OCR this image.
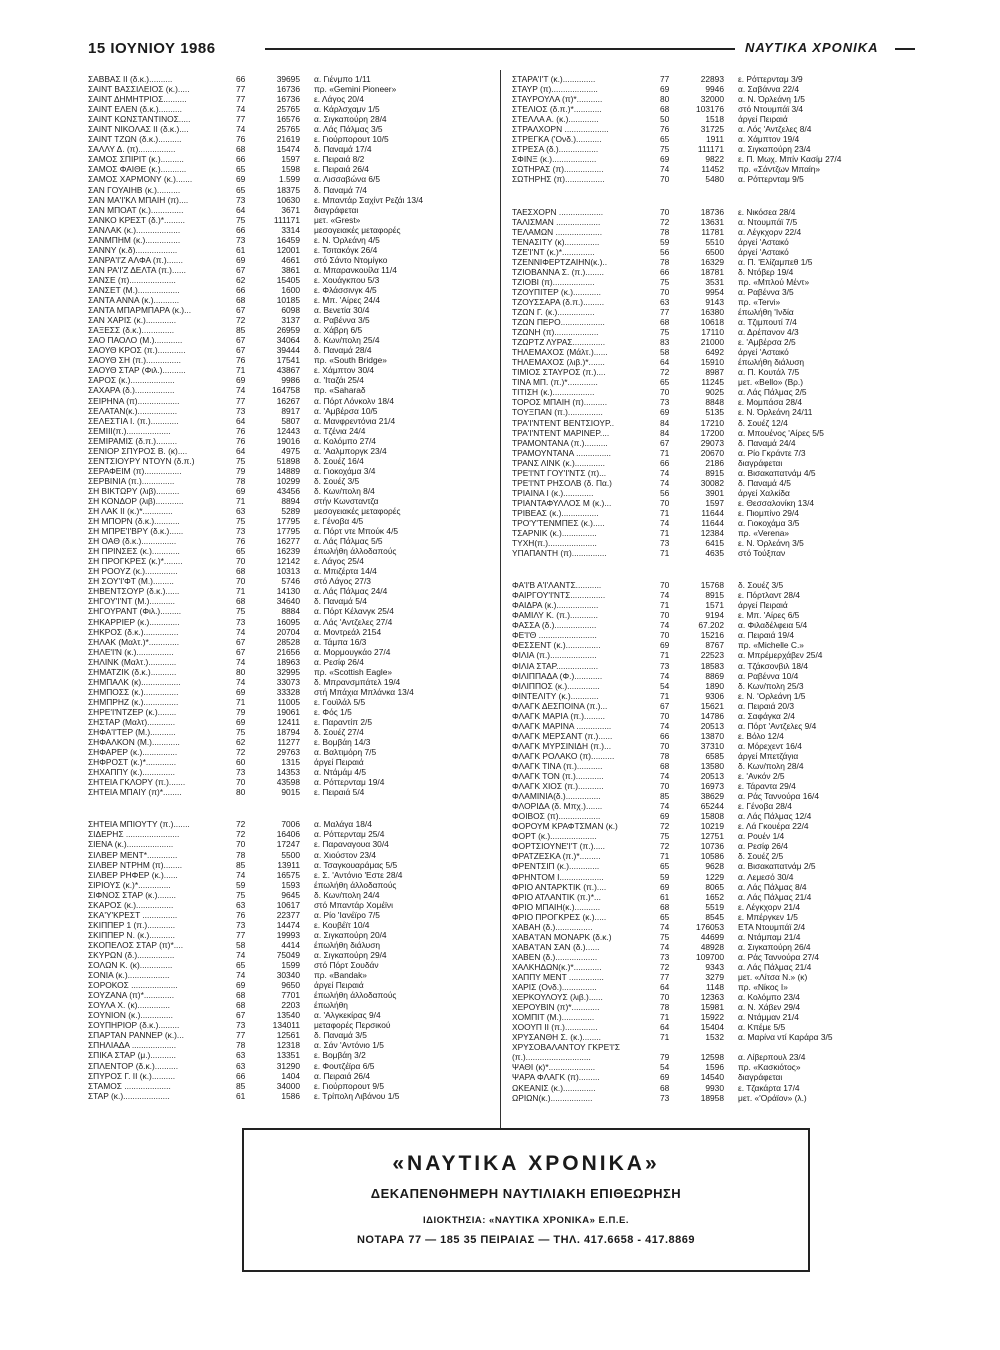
15 ΙΟΥΝΙΟΥ 1986	ΝΑΥΤΙΚΑ ΧΡΟΝΙΚΑ
ΣΑΒΒΑΣ ΙΙ (δ.κ.)..........	66	39695	α. Γιένμπο 1/11
ΣΑΙΝΤ ΒΑΣΣΙΛΕΙΟΣ (κ.).....	77	16736	πρ. «Gemini Pioneer»
ΣΑΙΝΤ ΔΗΜΗΤΡΙΟΣ..........	77	16736	ε. Λάγος 20/4
ΣΑΙΝΤ ΕΛΕΝ (δ.κ.)..........	74	25765	α. Κάρλσχαμν 1/5
ΣΑΙΝΤ ΚΩΝΣΤΑΝΤΙΝΟΣ.....	77	16576	α. Σιγκαπούρη 28/4
ΣΑΙΝΤ ΝΙΚΟΛΑΣ ΙΙ (δ.κ.)....	74	25765	α. Λάς Πάλμας 3/5
ΣΑΙΝΤ ΤΖΩΝ (δ.κ.)..........	76	21619	ε. Γιούρπορουτ 10/5
ΣΑΛΛΥ Δ. (π)................	68	15474	δ. Παναμά 17/4
ΣΑΜΟΣ ΣΠΙΡΙΤ (κ.)..........	66	1597	ε. Πειραιά 8/2
ΣΑΜΟΣ ΦΑΙΘΕ (κ.)...........	65	1598	ε. Πειραιά 26/4
ΣΑΜΟΣ ΧΑΡΜΟΝΥ (κ.).......	69	1.599	α. Λισσαβώνα 6/5
ΣΑΝ ΓΟΥΑΙΗΒ (κ.)..........	65	18375	δ. Παναμά 7/4
ΣΑΝ ΜΑ'Ι'ΚΛ ΜΠΑΙΗ (π)....	73	10630	ε. Μπαντάρ Σαχίντ Ρεζάι 13/4
ΣΑΝ ΜΠΟΑΤ (κ.)..............	64	3671	διαγράφεται
ΣΑΝΚΟ ΚΡΕΣΤ (δ.)*.........	75	111171	μετ. «Grest»
ΣΑΝΛΑΚ (κ.)...................	66	3314	μεσογειακές μεταφορές
ΣΑΝΜΠΗΜ (κ.)...............	73	16459	ε. Ν. Όρλεάνη 4/5
ΣΑΝΝΥ (κ.δ)..................	61	12001	ε. Τσιτακόγκ 26/4
ΣΑΝΡΑ'Ι'Ζ ΑΛΦΑ (π.).......	69	4661	στό Σάντο Ντομίγκο
ΣΑΝ ΡΑ'Ι'Ζ ΔΕΛΤΑ (π.)......	67	3861	α. Μπαρανκουίλα 11/4
ΣΑΝΣΕ (π)....................	62	15405	ε. Χουάγκπου 5/3
ΣΑΝΣΕΤ (Μ.)..................	66	1600	ε. Φλάσσινγκ 4/5
ΣΑΝΤΑ ΑΝΝΑ (κ.)...........	68	10185	ε. Μπ. 'Αίρες 24/4
ΣΑΝΤΑ ΜΠΑΡΜΠΑΡΑ (κ.)...	67	6098	α. Βενετία 30/4
ΣΑΝ ΧΑΡΙΣ (κ.).............	72	3137	α. Ραβέννα 3/5
ΣΑΞΕΣΣ (δ.κ.)..............	85	26959	α. Χάβρη 6/5
ΣΑΟ ΠΑΟΛΟ (Μ.)............	67	34064	δ. Κων/πολη 25/4
ΣΑΟΥΘ ΚΡΟΣ (π.)............	67	39444	δ. Παναμά 28/4
ΣΑΟΥΘ ΣΗ (π.)...............	76	17541	πρ. «South Bridge»
ΣΑΟΥΘ ΣΤΑΡ (Φιλ.)..........	71	43867	ε. Χάμπτον 30/4
ΣΑΡΟΣ (κ.)...................	69	9986	α. 'Ιταζάι 25/4
ΣΑΧΑΡΑ (δ.).................	74	164758	πρ. «Saharaδ
ΣΕΙΡΗΝΑ (π)..................	77	16267	α. Πόρτ Λόνκολν 18/4
ΣΕΛΑΤΑΝ(κ.).................	73	8917	α. 'Αμβέρσα 10/5
ΣΕΛΕΣΤΙΑ Ι. (π.)............	64	5807	α. Μανφρεντόνια 21/4
ΣΕΜΙΙΙ(π.)...................	76	12443	α. Τζένια 24/4
ΣΕΜΙΡΑΜΙΣ (δ.π.).........	76	19016	α. Κολόμπο 27/4
ΣΕΝΙΟΡ ΣΠΥΡΟΣ Β. (κ)....	64	4975	α. 'Ααλμποργκ 23/4
ΣΕΝΤΣΙΟΥΡΥ ΝΤΟΥΝ (δ.π.)	75	51898	δ. Σουέζ 16/4
ΣΕΡΑΦΕΙΜ (π)................	79	14889	α. Γιοκοχάμα 3/4
ΣΕΡΒΙΝΙΑ (π.)..............	78	10299	δ. Σουέζ 3/5
ΣΗ ΒΙΚΤΩΡΥ (λιβ)..........	69	43456	δ. Κων/πολη 8/4
ΣΗ ΚΟΝΔΟΡ (λιβ)............	71	8894	στήν Κωνσταντζα
ΣΗ ΛΑΚ ΙΙ (κ.)*.............	63	5289	μεσογειακές μεταφορές
ΣΗ ΜΠΟΡΝ (δ.κ.)...........	75	17795	ε. Γένοβα 4/5
ΣΗ ΜΠΡΕ'Ι'ΒΡΥ (δ.κ.)......	73	17795	α. Πόρτ ντε Μπούκ 4/5
ΣΗ ΟΑΘ (δ.κ.)...............	76	16277	α. Λάς Πάλμας 5/5
ΣΗ ΠΡΙΝΣΕΣ (κ.)............	65	16239	έπωλήθη άλλοδαπούς
ΣΗ ΠΡΟΓΚΡΕΣ (κ.)*........	70	12142	ε. Λάγος 25/4
ΣΗ ΡΟΟΥΖ (κ.)..............	68	10313	α. Μπιζέρτα 14/4
ΣΗ ΣΟΥ'Ι'ΦΤ (Μ.).........	70	5746	στό Λάγος 27/3
ΣΗΒΕΝΤΣΟΥΡ (δ.κ.)......	71	14130	α. Λάς Πάλμας 24/4
ΣΗΓΟΥ'Ι'ΝΤ (Μ.)...........	68	34640	δ. Παναμά 5/4
ΣΗΓΟΥΡΑΝΤ (Φιλ.).........	75	8884	α. Πόρτ Κέλανγκ 25/4
ΣΗΚΑΡΡΙΕΡ (κ.).............	73	16095	α. Λάς 'Αντζελες 27/4
ΣΗΚΡΟΣ (δ.κ.)...............	74	20704	α. Μοντρεάλ 2154
ΣΗΛΑΚ (Μαλτ.)*.............	67	28528	α. Τάμπα 16/3
ΣΗΛΕ'Ι'Ν (κ.)................	67	21656	α. Μορμουγκάο 27/4
ΣΗΛΙΝΚ (Μαλτ.)............	74	18963	α. Ρεσίφ 26/4
ΣΗΜΑΤΖΙΚ (δ.κ.)...........	80	32995	πρ. «Scottish Eagle»
ΣΗΜΠΑΛΚ (κ).................	74	33073	δ. Μπρανσμπάτελ 19/4
ΣΗΜΠΟΣΣ (κ.)...............	69	33328	στή Μπάχια Μπλάνκα 13/4
ΣΗΜΠΡΗΖ (κ.)...............	71	11005	ε. Γουϊλάλ 5/5
ΣΗΡΕ'Ι'ΝΤΖΕΡ (κ.)........	79	19061	ε. Φός 1/5
ΣΗΣΤΑΡ (Μαλτ)............	69	12411	ε. Παραντίπ 2/5
ΣΗΦΑ'Ι'ΤΕΡ (Μ.)...........	75	18794	δ. Σουέζ 27/4
ΣΗΦΑΛΚΟΝ (Μ.)............	62	11277	ε. Βομβάη 14/3
ΣΗΦΑΡΕΡ (κ.)...............	72	29763	α. Βαλτιμόρη 7/5
ΣΗΦΡΟΣΤ (κ.)*.............	60	1315	άργεί Πειραιά
ΣΗΧΑΠΠΥ (κ.)..............	73	14353	α. Ντάμάμ 4/5
ΣΗΤΕΙΑ ΓΚΛΟΡΥ (π.).......	70	43598	α. Ρόττερνταμ 19/4
ΣΗΤΕΙΑ ΜΠΑΙΥ (π)*........	80	9015	ε. Πειραιά 5/4
ΣΗΤΕΙΑ ΜΠΙΟΥΤΥ (π.).......	72	7006	α. Μαλάγα 18/4
ΣΙΔΕΡΗΣ .......................	72	16406	α. Ρόττερνταμ 25/4
ΣΙΕΝΑ (κ.)....................	70	17247	ε. Παραναγουα 30/4
ΣΙΛΒΕΡ ΜΕΝΤ*.............	78	5500	α. Χιούστον 23/4
ΣΙΛΒΕΡ ΝΤΡΗΜ (π)........	85	13911	α. Τσαγκουαράμας 5/5
ΣΙΛΒΕΡ ΡΗΦΕΡ (κ.)......	74	16575	ε. Σ. 'Αντόνιο 'Εστε 28/4
ΣΙΡΙΟΥΣ (κ.)*..............	59	1593	έπωλήθη άλλοδαπούς
ΣΙΦΝΟΣ ΣΤΑΡ (κ.)........	75	9645	δ. Κων/πολη 24/4
ΣΚΑΡΟΣ (κ.)................	63	10617	στό Μπαντάρ Χομέϊνι
ΣΚΑ'Υ'ΚΡΕΣΤ ...............	76	22377	α. Ρίο 'Ιανέϊρο 7/5
ΣΚΙΠΠΕΡ 1 (π.)............	73	14474	ε. Κουβέϊτ 10/4
ΣΚΙΠΠΕΡ Ν. (κ.)...........	77	19993	α. Σιγκαπούρη 20/4
ΣΚΟΠΕΛΟΣ ΣΤΑΡ (π)*....	58	4414	έπωλήθη διάλυση
ΣΚΥΡΩΝ (δ.)................	74	75049	α. Σιγκαπούρη 29/4
ΣΟΛΩΝ Κ. (κ)..............	65	1599	στό Πόρτ Σουδάν
ΣΟΝΙΑ (κ.)..................	74	30340	πρ. «Bandak»
ΣΟΡΟΚΟΣ ....................	69	9650	άργεί Πειραιά
ΣΟΥΖΑΝΑ (π)*.............	68	7701	έπωλήθη άλλοδαπούς
ΣΟΥΛΑ Χ. (κ)..............	68	2203	έπωλήθη
ΣΟΥΝΙΟΝ (κ.)..............	67	13540	α. 'Αλγκεκίρας 9/4
ΣΟΥΠΗΡΙΟΡ (δ.κ.).........	73	134011	μεταφορές Περσικού
ΣΠΑΡΤΑΝ ΡΑΝΝΕΡ (κ.)...	77	12561	δ. Παναμά 3/5
ΣΠΗΛΙΑΔΑ ...................	78	12318	α. Σάν 'Αντόνιο 1/5
ΣΠΙΚΑ ΣΤΑΡ (μ.)...........	63	13351	ε. Βομβάη 3/2
ΣΠΛΕΝΤΟΡ (δ.κ.)..........	63	31290	ε. Φουτζέϊρα 6/5
ΣΠΥΡΟΣ Γ. ΙΙ (κ.)..........	66	1404	α. Πειραιά 26/4
ΣΤΑΜΟΣ ....................	85	34000	ε. Γιούρπορουτ 9/5
ΣΤΑΡ (κ.)....................	61	1586	ε. Τρίπολη Λιβάνου 1/5
ΣΤΑΡΑ'Ι'Τ (κ.)..............	77	22893	ε. Ρόττερνταμ 3/9
ΣΤΑΥΡ (π)....................	69	9946	α. Σαβάννα 22/4
ΣΤΑΥΡΟΥΛΑ (π)*...........	80	32000	α. Ν. Όρλεάνη 1/5
ΣΤΕΛΙΟΣ (δ.π.)*............	68	103176	στό Ντουμπάϊ 3/4
ΣΤΕΛΛΑ Α. (κ.).............	50	1518	άργεί Πειραιά
ΣΤΡΑΛΧΟΡΝ ...................	76	31725	α. Λός 'Αντζελες 8/4
ΣΤΡΕΓΚΑ ('Ονδ.)...........	65	1911	α. Χάμπτον 19/4
ΣΤΡΕΣΑ (δ.).................	75	111171	α. Σιγκαπούρη 23/4
ΣΦΙΝΞ (κ.)...................	69	9822	ε. Π. Μωχ. Μπίν Κασίμ 27/4
ΣΩΤΗΡΑΣ (π).................	74	11452	πρ. «Σάντζων Μπαίη»
ΣΩΤΗΡΗΣ (π).................	70	5480	α. Ρόττερνταμ 9/5
ΤΑΕΣΧΟΡΝ ...................	70	18736	ε. Νικόσεα 28/4
ΤΑΛΙΣΜΑΝ ...................	72	13631	α. Ντουμπάϊ 7/5
ΤΕΛΑΜΩΝ ....................	78	11781	α. Λέγκχορν 22/4
ΤΕΝΑΣΙΤΥ (κ)...............	59	5510	άργεί 'Αστακό
ΤΖΕ'Ι'ΝΤ (κ.)*..............	56	6500	άργεί 'Αστακό
ΤΖΕΝΝΙΦΕΡΤΖΑΙΗΝ(κ.)..	78	16329	α. Π. 'Ελίζαμπεθ 1/5
ΤΖΙΟΒΑΝΝΑ Σ. (π.)........	66	18781	δ. Ντόβερ 19/4
ΤΖΙΟΒΙ (π)..................	75	3531	πρ. «Μπλού Μέντ»
ΤΖΟΥΠΙΤΕΡ (κ.)............	70	9954	α. Ραβέννα 3/5
ΤΖΟΥΣΣΑΡΑ (δ.π.).........	63	9143	πρ. «Tervi»
ΤΖΩΝ Γ. (κ.)................	77	16380	έπωλήθη 'Ινδία
ΤΖΩΝ ΠΕΡΟ...................	68	10618	α. Τζιμπουτί 7/4
ΤΖΩΝΗ (π)...................	75	17110	α. Δρέπανον 4/3
ΤΖΩΡΤΖ ΛΥΡΑΣ..............	83	21000	ε. 'Αμβέρσα 2/5
ΤΗΛΕΜΑΧΟΣ (Μάλτ.)......	58	6492	άργεί 'Αστακό
ΤΗΛΕΜΑΧΟΣ (λιβ.)*.......	64	15910	έπωλήθη διάλυση
ΤΙΜΙΟΣ ΣΤΑΥΡΟΣ (π.)....	72	8987	α. Π. Κουτάλ 7/5
ΤΙΝΑ ΜΠ. (π.)*.............	65	11245	μετ. «Bello» (Βρ.)
ΤΙΤΙΣΗ (κ.)..................	70	9025	α. Λάς Πάλμας 2/5
ΤΟΡΟΣ ΜΠΑΙΗ (π)..........	73	8848	ε. Μομπάσα 28/4
ΤΟΥΞΠΑΝ (π.)...............	69	5135	ε. Ν. Όρλεάνη 24/11
ΤΡΑ'Ι'ΝΤΕΝΤ ΒΕΝΤΣΙΟΥΡ..	84	17210	δ. Σουέζ 12/4
ΤΡΑ'Ι'ΝΤΕΝΤ ΜΑΡΙΝΕΡ....	84	17200	α. Μπουένος 'Αίρες 5/5
ΤΡΑΜΟΝΤΑΝΑ (π.)..........	67	29073	δ. Παναμά 24/4
ΤΡΑΜΟΥΝΤΑΝΑ ...............	71	20670	α. Ρίο Γκράντε 7/3
ΤΡΑΝΣ ΛΙΝΚ (κ.).............	66	2186	διαγράφεται
ΤΡΕ'Ι'ΝΤ ΓΟΥ'Ι'ΝΤΣ (π)...	74	8915	α. Βισακαπατνάμ 4/5
ΤΡΕ'Ι'ΝΤ ΡΗΣΟΛΒ (δ. Πα.)	74	30082	δ. Παναμά 4/5
ΤΡΙΑΙΝΑ Ι (κ.).............	56	3901	άργεί Χαλκίδα
ΤΡΙΑΝΤΑΦΥΛΛΟΣ Μ (κ.)...	70	1597	ε. Θεσσαλονίκη 13/4
ΤΡΙΒΕΑΣ (κ.)................	71	11644	ε. Πιομπίνο 29/4
ΤΡΟ'Υ'ΤΕΝΜΠΕΣ (κ.).....	74	11644	α. Γιοκοχάμα 3/5
ΤΣΑΡΝΙΚ (κ.)...............	71	12384	πρ. «Verena»
ΤΥΧΗ(π.).....................	73	6415	ε. Ν. Όρλεάνη 3/5
ΥΠΑΠΑΝΤΗ (π)...............	71	4635	στό Τούξπαν
ΦΑ'Ι'Β Α'Ι'ΛΑΝΤΣ...........	70	15768	δ. Σουέζ 3/5
ΦΑΙΡΓΟΥ'Ι'ΝΤΣ...............	74	8915	ε. Πόρτλαντ 28/4
ΦΑΙΔΡΑ (κ.)..................	71	1571	άργεί Πειραιά
ΦΑΜΙΛΥ Κ. (π.)............	70	9194	ε. Μπ. 'Αίρες 6/5
ΦΑΣΣΑ (δ.)..................	74	67.202	α. Φιλαδέλφεια 5/4
ΦΕ'Ι'Θ .........................	70	15216	α. Πειραιά 19/4
ΦΕΣΣΕΝΤ (κ.)...............	69	8767	πρ. «Michelle C.»
ΦΙΛΙΑ (π.)....................	71	22523	α. Μπρέμερχάβεν 25/4
ΦΙΛΙΑ ΣΤΑΡ..................	73	18583	α. Τζάκσονβιλ 18/4
ΦΙΛΙΠΠΑΔΑ (Φ.)............	74	8869	α. Ραβέννα 10/4
ΦΙΛΙΠΠΟΣ (κ.)..............	54	1890	δ. Κων/πολη 25/3
ΦΙΝΤΕΛΙΤΥ (κ.)............	71	9306	ε. Ν. 'Ορλεάνη 1/5
ΦΛΑΓΚ ΔΕΣΠΟΙΝΑ (π.)...	67	15621	α. Πειραιά 20/3
ΦΛΑΓΚ ΜΑΡΙΑ (π.).........	70	14786	α. Σαφάγκα 2/4
ΦΛΑΓΚ ΜΑΡΙΝΑ ...............	74	20513	α. Πόρτ 'Αντζελες 9/4
ΦΛΑΓΚ ΜΕΡΣΑΝΤ (π.)......	66	13870	ε. Βόλο 12/4
ΦΛΑΓΚ ΜΥΡΣΙΝΙΔΗ (π.)...	70	37310	α. Μόρεχεντ 16/4
ΦΛΑΓΚ ΡΟΛΑΚΟ (π)..........	78	6585	άργεί Μπετζάγια
ΦΛΑΓΚ ΤΙΝΑ (π.)...........	68	13580	δ. Κων/πολη 28/4
ΦΛΑΓΚ ΤΟΝ (π.)............	74	20513	ε. 'Ανκόν 2/5
ΦΛΑΓΚ ΧΙΟΣ (π.)...........	70	16973	ε. Τάραντα 29/4
ΦΛΑΜΙΝΙΑ(δ.)...............	85	38629	α. Ράς Ταννούρα 16/4
ΦΛΟΡΙΔΑ (δ. Μπχ.).......	74	65244	ε. Γένοβα 28/4
ΦΟΙΒΟΣ (π)..................	69	15808	α. Λάς Πάλμας 12/4
ΦΟΡΟΥΜ ΚΡΑΦΤΣΜΑΝ (κ.)	72	10219	ε. Λά Γκουέρα 22/4
ΦΟΡΤ (κ.)....................	75	12751	α. Ρουέν 1/4
ΦΟΡΤΣΙΟΥΝΕ'Ι'Τ (π.).....	72	10736	α. Ρεσίφ 26/4
ΦΡΑΤΖΕΣΚΑ (π.)*.........	71	10586	δ. Σουέζ 2/5
ΦΡΕΝΤΣΙΠ (κ.).............	65	9628	α. Βισακαπατνάμ 2/5
ΦΡΗΝΤΟΜ Ι...................	59	1229	α. Λεμεσό 30/4
ΦΡΙΟ ΑΝΤΑΡΚΤΙΚ (π.)....	69	8065	α. Λάς Πάλμας 8/4
ΦΡΙΟ ΑΤΛΑΝΤΙΚ (π.)*...	61	1652	α. Λάς Πάλμας 21/4
ΦΡΙΟ ΜΠΑΙΗ(κ.)...........	68	5519	ε. Λέγκχορν 21/4
ΦΡΙΟ ΠΡΟΓΚΡΕΣ (κ.).....	65	8545	ε. Μπέργκεν 1/5
ΧΑΒΑΗ (δ.)................	74	176053	ΕΤΑ Ντουμπάϊ 2/4
ΧΑΒΑ'Ι'ΑΝ ΜΟΝΑΡΚ (δ.κ.)	75	44699	α. Ντάμπαμ 21/4
ΧΑΒΑ'Ι'ΑΝ ΣΑΝ (δ.)......	74	48928	α. Σιγκαπούρη 26/4
ΧΑΒΕΝ (δ.)..................	73	109700	α. Ράς Ταννούρα 27/4
ΧΑΛΚΗΔΩΝ(κ.)*............	72	9343	α. Λάς Πάλμας 21/4
ΧΑΠΠΥ ΜΕΝΤ ...............	77	3279	μετ. «Λίτσα Ν.» (κ)
ΧΑΡΙΣ (Ονδ.)...............	64	1148	πρ. «Νίκος Ι»
ΧΕΡΚΟΥΛΟΥΣ (λιβ.)......	70	12363	α. Κολόμπο 23/4
ΧΕΡΟΥΒΙΝ (π)*............	78	15981	α. Ν. Χάβεν 29/4
ΧΟΜΠΙΤ (Μ.)..............	71	15922	α. Ντάμμαν 21/4
ΧΟΟΥΠ ΙΙ (π.)..............	64	15404	α. Κπέμε 5/5
ΧΡΥΣΑΝΘΗ Σ. (κ.)........	71	1532	α. Μαρίνα ντί Καράρα 3/5
ΧΡΥΣΟΒΑΛΑΝΤΟΥ ΓΚΡΕ'Ι'Σ
(π.)............................	79	12598	α. Λίβερπουλ 23/4
ΨΑΘΙ (κ)*....................	54	1596	πρ. «Κασκιότος»
ΨΑΡΑ ΦΛΑΓΚ (π).........	69	14540	διαγράφεται
ΩΚΕΑΝΙΣ (κ.)..............	68	9930	ε. Τζακάρτα 17/4
ΩΡΙΩΝ(κ.)..................	73	18958	μετ. «'Οράϊον» (λ.)
«ΝΑΥΤΙΚΑ ΧΡΟΝΙΚΑ»
ΔΕΚΑΠΕΝΘΗΜΕΡΗ ΝΑΥΤΙΛΙΑΚΗ ΕΠΙΘΕΩΡΗΣΗ
ΙΔΙΟΚΤΗΣΙΑ: «ΝΑΥΤΙΚΑ ΧΡΟΝΙΚΑ» Ε.Π.Ε.
ΝΟΤΑΡΑ 77 — 185 35 ΠΕΙΡΑΙΑΣ — ΤΗΛ. 417.6658 - 417.8869
